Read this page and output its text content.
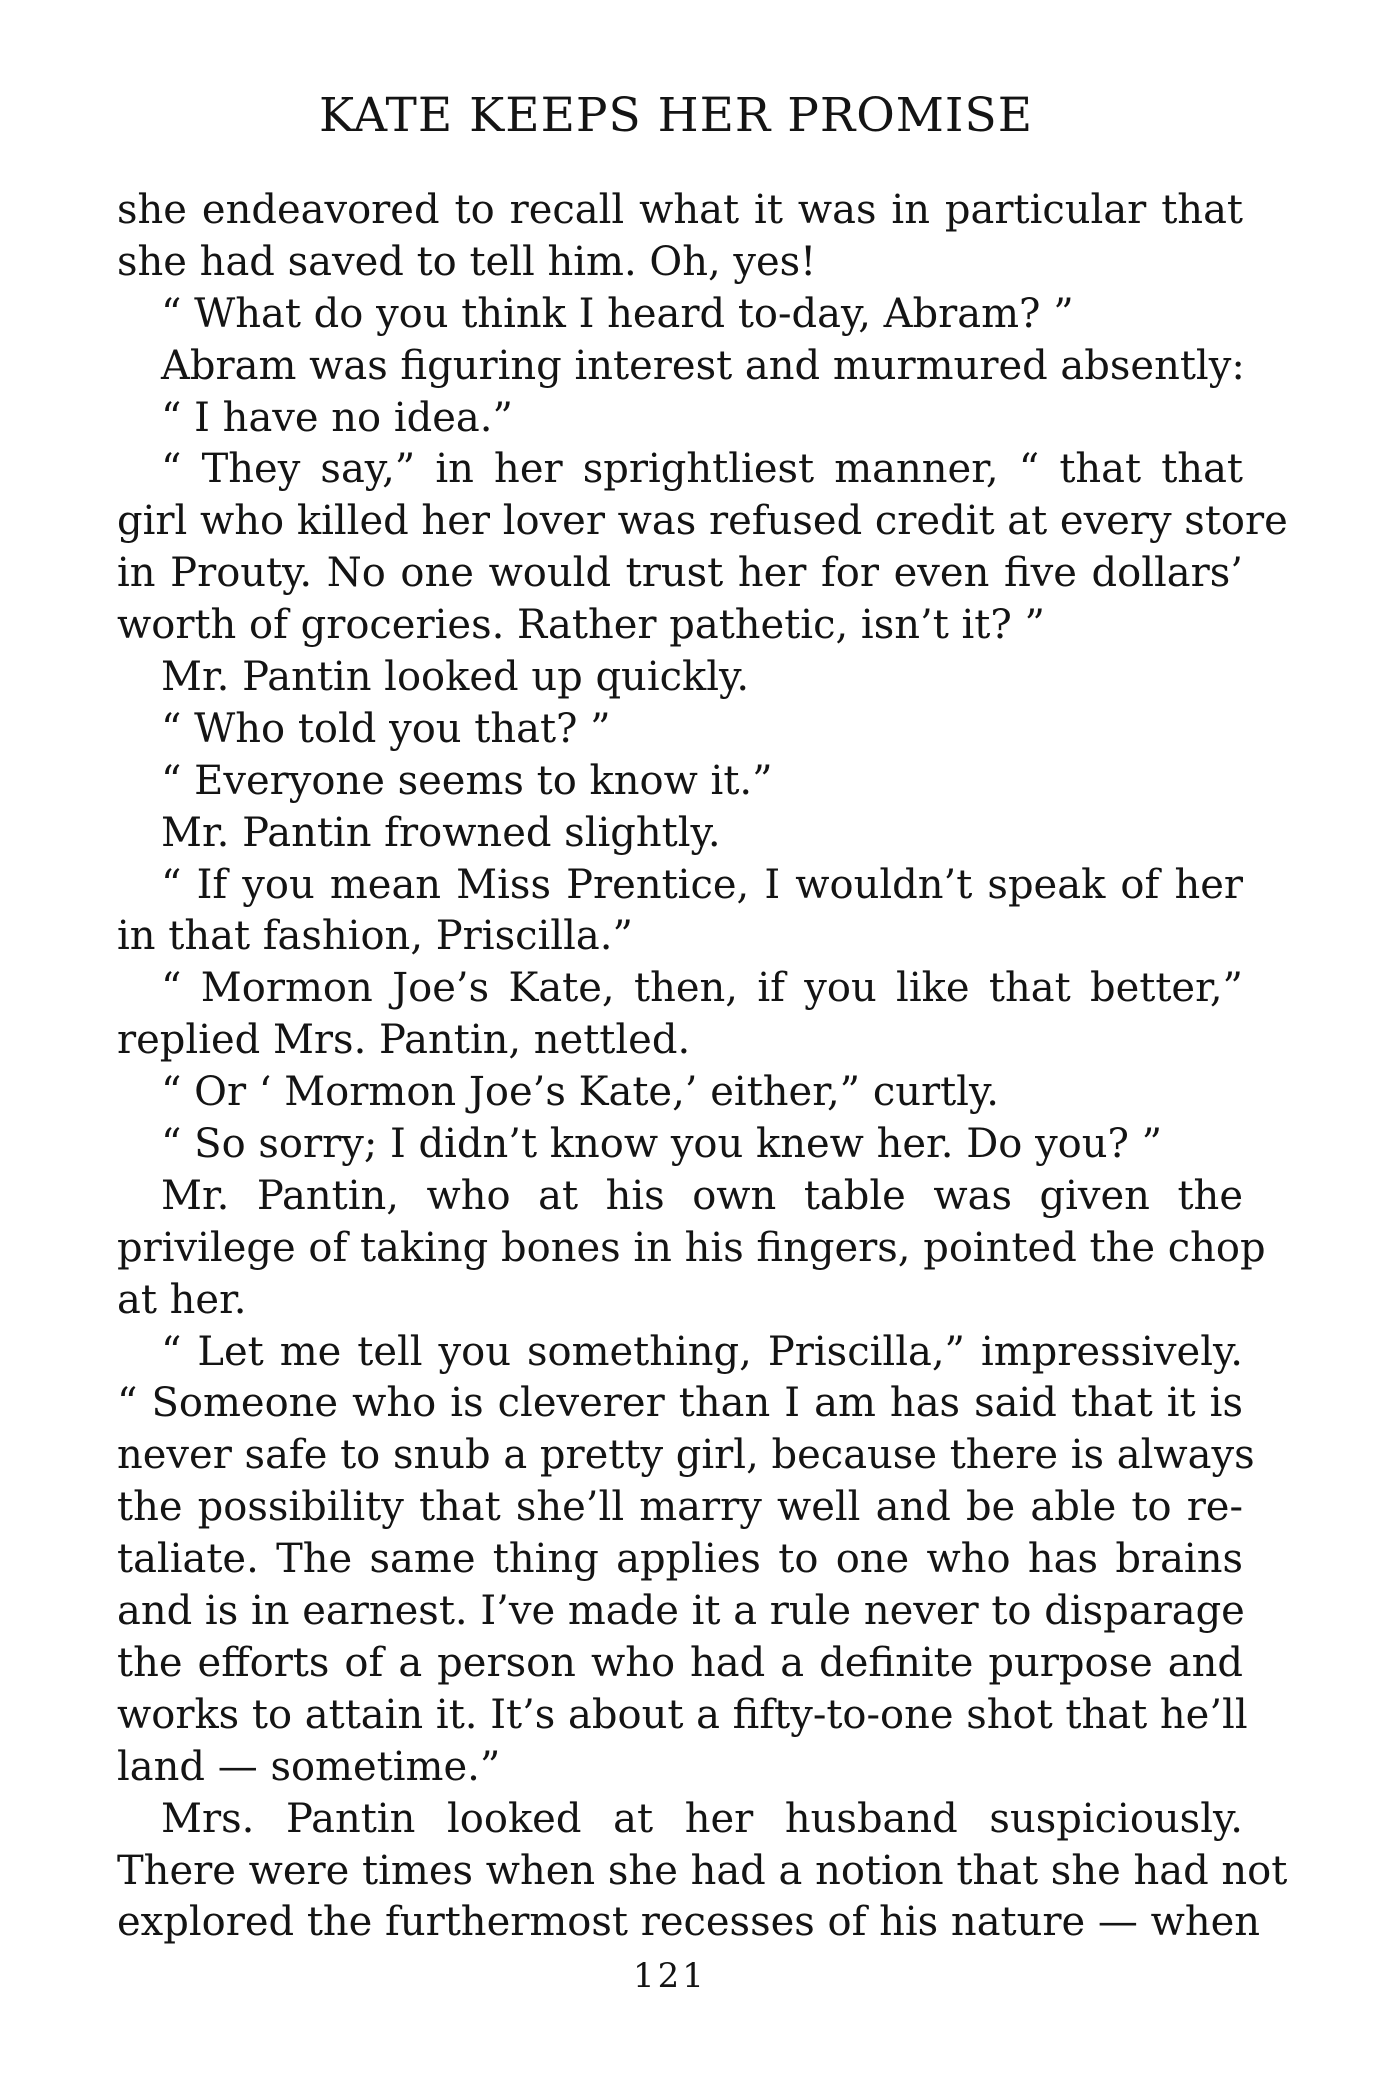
KATE KEEPS HER PROMISE
she endeavored to recall what it was in particular that
she had saved to tell him. Oh, yes!
“ What do you think I heard to-day, Abram? ”
Abram was figuring interest and murmured absently:
“ I have no idea.”
“ They say,” in her sprightliest manner, “ that that
girl who killed her lover was refused credit at every store
in Prouty. No one would trust her for even five dollars’
worth of groceries. Rather pathetic, isn’t it? ”
Mr. Pantin looked up quickly.
“ Who told you that? ”
“ Everyone seems to know it.”
Mr. Pantin frowned slightly.
“ If you mean Miss Prentice, I wouldn’t speak of her
in that fashion, Priscilla.”
“ Mormon Joe’s Kate, then, if you like that better,”
replied Mrs. Pantin, nettled.
“ Or ‘ Mormon Joe’s Kate,’ either,” curtly.
“ So sorry; I didn’t know you knew her. Do you? ”
Mr. Pantin, who at his own table was given the
privilege of taking bones in his fingers, pointed the chop
at her.
“ Let me tell you something, Priscilla,” impressively.
“ Someone who is cleverer than I am has said that it is
never safe to snub a pretty girl, because there is always
the possibility that she’ll marry well and be able to re-
taliate. The same thing applies to one who has brains
and is in earnest. I’ve made it a rule never to disparage
the efforts of a person who had a definite purpose and
works to attain it. It’s about a fifty-to-one shot that he’ll
land — sometime.”
Mrs. Pantin looked at her husband suspiciously.
There were times when she had a notion that she had not
explored the furthermost recesses of his nature — when
121
